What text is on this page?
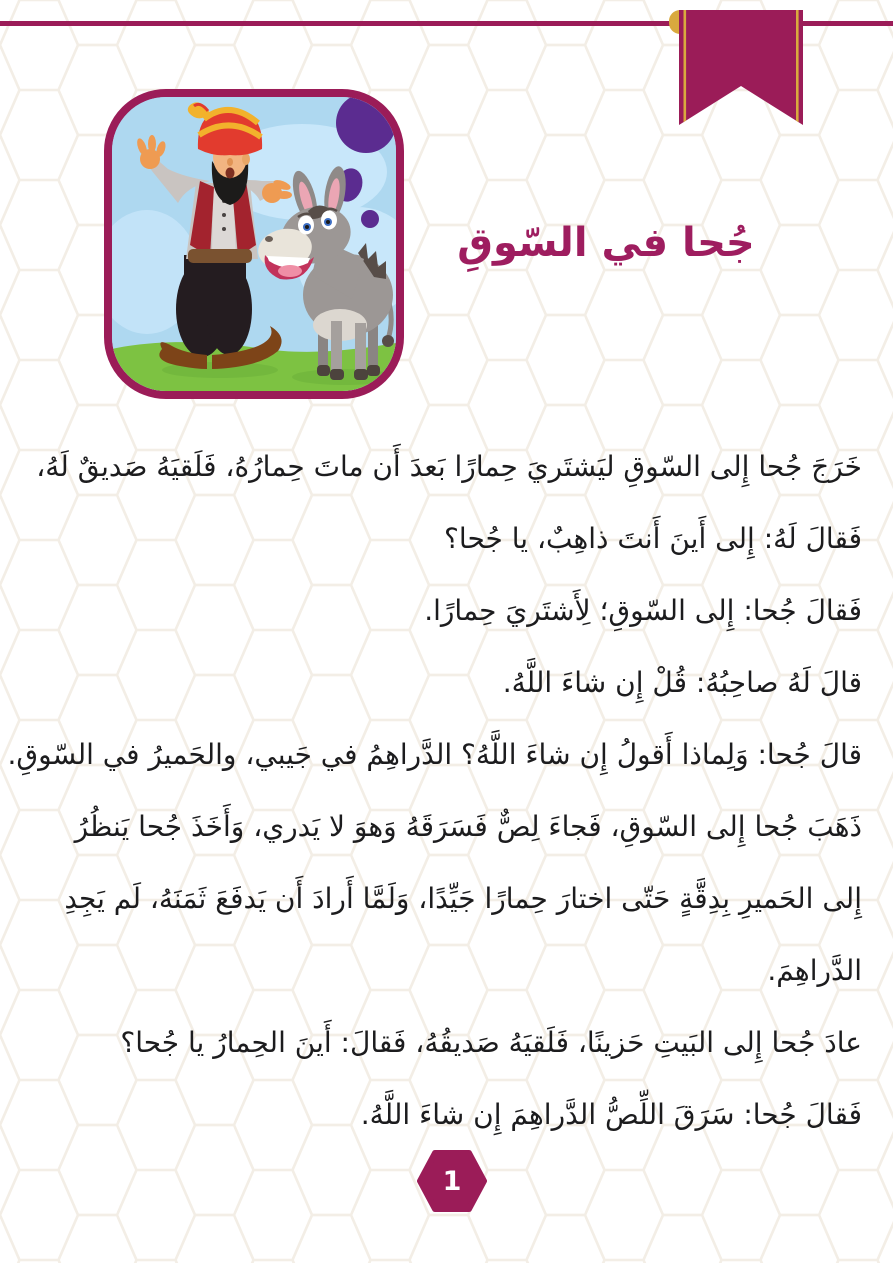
جُحا في السّوقِ

خَرَجَ جُحا إِلى السّوقِ ليَشتَريَ حِمارًا بَعدَ أَن ماتَ حِمارُهُ، فَلَقيَهُ صَديقٌ لَهُ،

فَقالَ لَهُ: إِلى أَينَ أَنتَ ذاهِبٌ، يا جُحا؟

فَقالَ جُحا: إِلى السّوقِ؛ لِأَشتَريَ حِمارًا.

قالَ لَهُ صاحِبُهُ: قُلْ إِن شاءَ اللَّهُ.

قالَ جُحا: وَلِماذا أَقولُ إِن شاءَ اللَّهُ؟ الدَّراهِمُ في جَيبي، والحَميرُ في السّوقِ.

ذَهَبَ جُحا إِلى السّوقِ، فَجاءَ لِصٌّ فَسَرَقَهُ وَهوَ لا يَدري، وَأَخَذَ جُحا يَنظُرُ

إِلى الحَميرِ بِدِقَّةٍ حَتّى اختارَ حِمارًا جَيِّدًا، وَلَمَّا أَرادَ أَن يَدفَعَ ثَمَنَهُ، لَم يَجِدِ

الدَّراهِمَ.

عادَ جُحا إِلى البَيتِ حَزينًا، فَلَقيَهُ صَديقُهُ، فَقالَ: أَينَ الحِمارُ يا جُحا؟

فَقالَ جُحا: سَرَقَ اللِّصُّ الدَّراهِمَ إِن شاءَ اللَّهُ.

1
